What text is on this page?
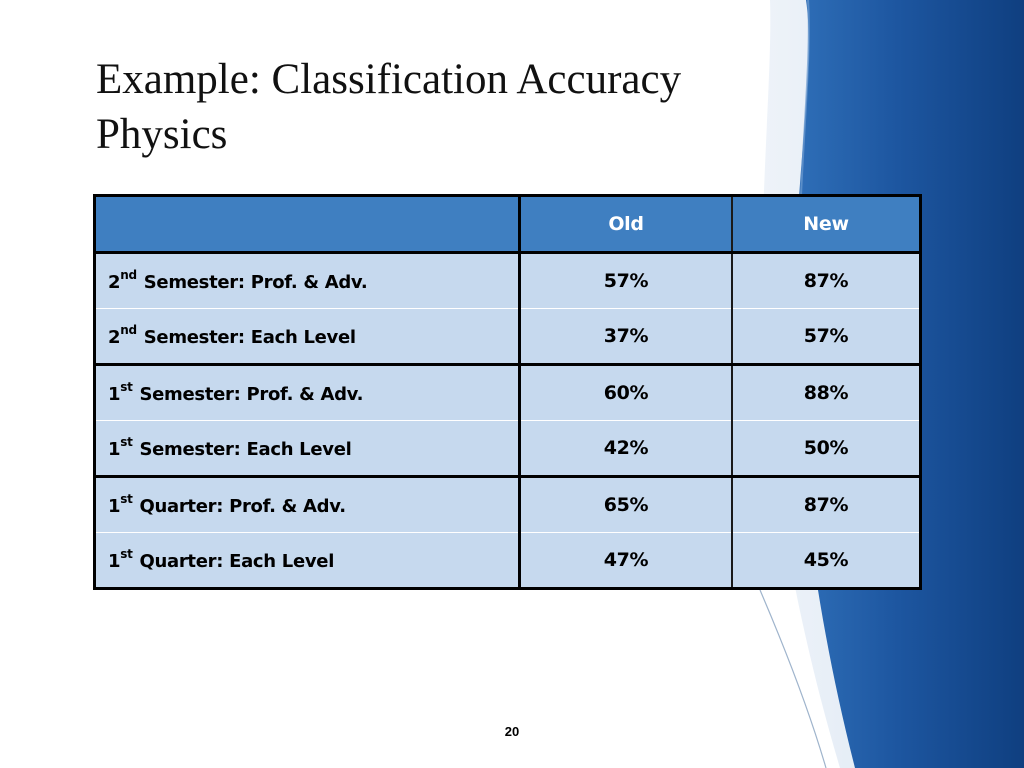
Example: Classification Accuracy
Physics
	Old	New
2nd Semester: Prof. & Adv.	57%	87%
2nd Semester: Each Level	37%	57%
1st Semester: Prof. & Adv.	60%	88%
1st Semester: Each Level	42%	50%
1st Quarter: Prof. & Adv.	65%	87%
1st Quarter: Each Level	47%	45%
20
